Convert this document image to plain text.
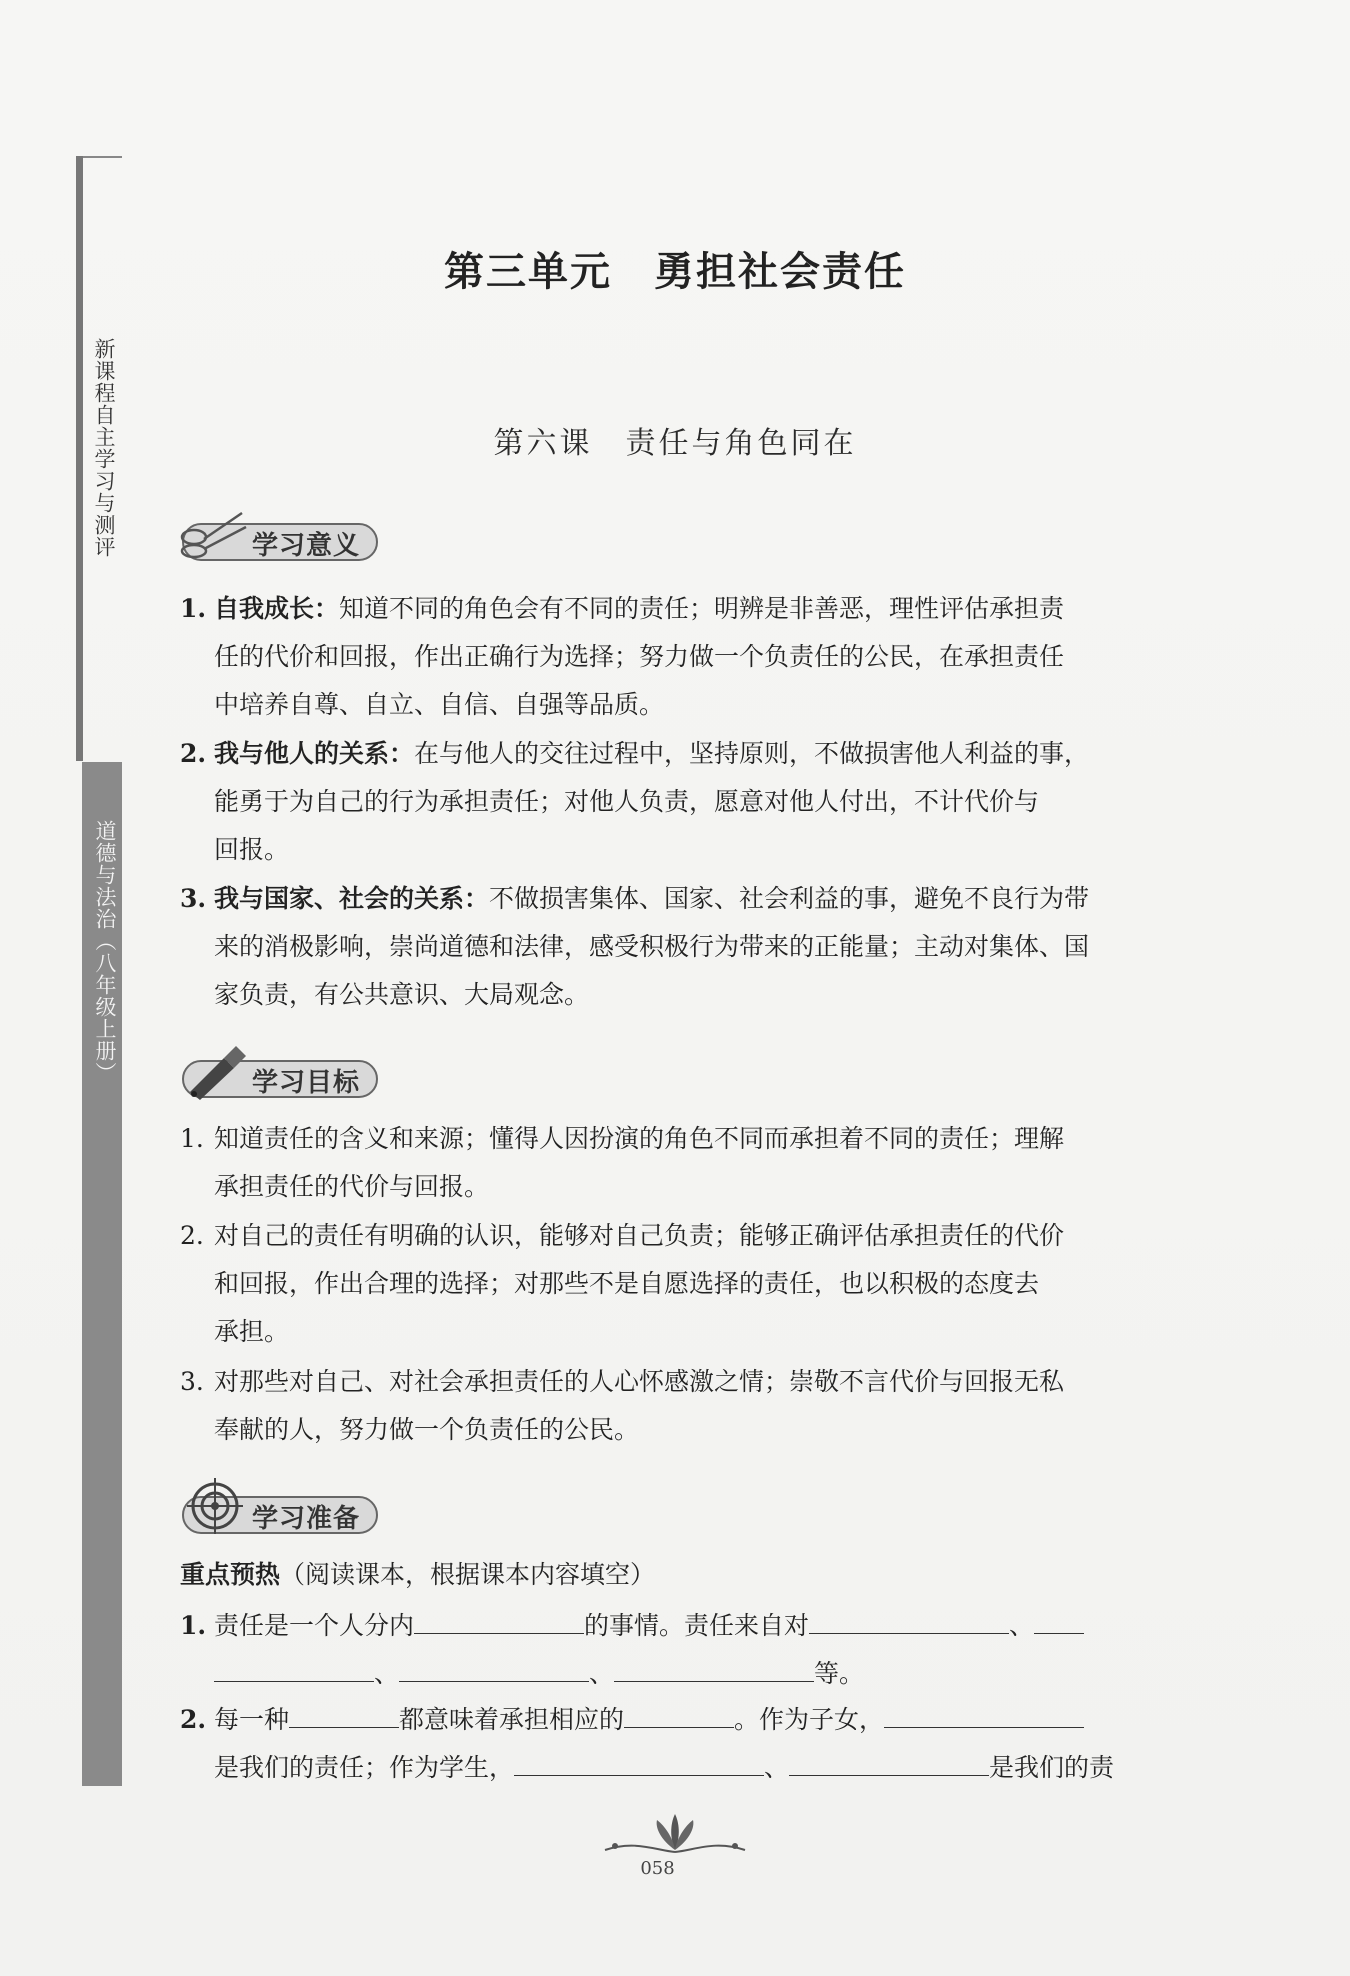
新课程自主学习与测评
道德与法治（八年级上册）
第三单元　勇担社会责任
第六课　责任与角色同在
学习意义
1. 自我成长：知道不同的角色会有不同的责任；明辨是非善恶，理性评估承担责
任的代价和回报，作出正确行为选择；努力做一个负责任的公民，在承担责任
中培养自尊、自立、自信、自强等品质。
2. 我与他人的关系：在与他人的交往过程中，坚持原则，不做损害他人利益的事，
能勇于为自己的行为承担责任；对他人负责，愿意对他人付出，不计代价与
回报。
3. 我与国家、社会的关系：不做损害集体、国家、社会利益的事，避免不良行为带
来的消极影响，崇尚道德和法律，感受积极行为带来的正能量；主动对集体、国
家负责，有公共意识、大局观念。
学习目标
1. 知道责任的含义和来源；懂得人因扮演的角色不同而承担着不同的责任；理解
承担责任的代价与回报。
2. 对自己的责任有明确的认识，能够对自己负责；能够正确评估承担责任的代价
和回报，作出合理的选择；对那些不是自愿选择的责任，也以积极的态度去
承担。
3. 对那些对自己、对社会承担责任的人心怀感激之情；崇敬不言代价与回报无私
奉献的人，努力做一个负责任的公民。
学习准备
重点预热（阅读课本，根据课本内容填空）
1. 责任是一个人分内	的事情。责任来自对	、
、	、	等。
2. 每一种	都意味着承担相应的	。作为子女，
是我们的责任；作为学生，	、	是我们的责
058
